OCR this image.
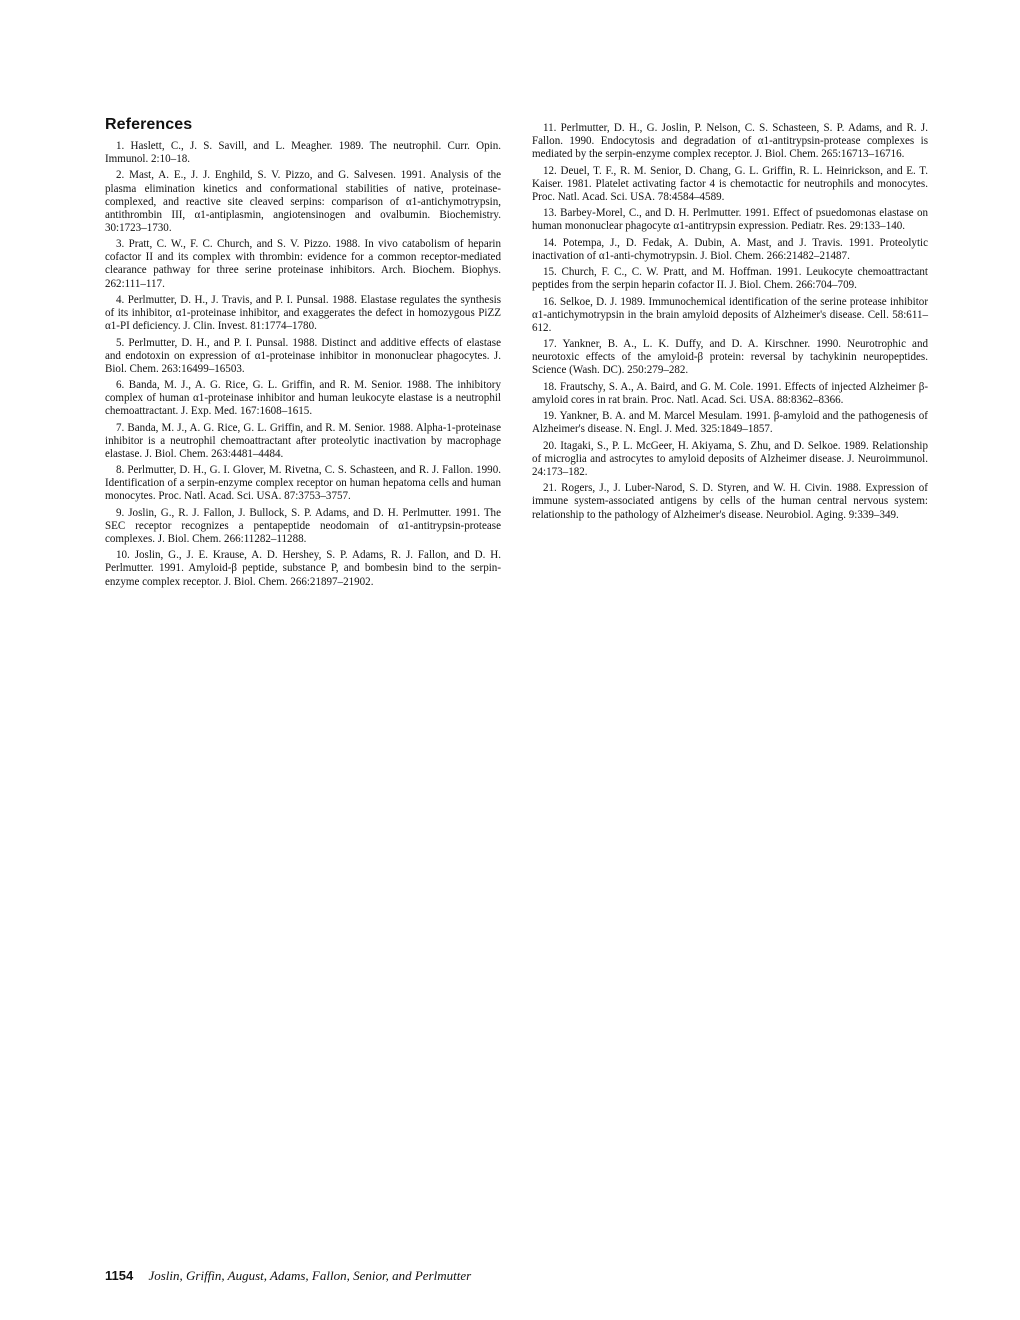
References

1. Haslett, C., J. S. Savill, and L. Meagher. 1989. The neutrophil. Curr. Opin. Immunol. 2:10–18.

2. Mast, A. E., J. J. Enghild, S. V. Pizzo, and G. Salvesen. 1991. Analysis of the plasma elimination kinetics and conformational stabilities of native, proteinase-complexed, and reactive site cleaved serpins: comparison of α1-antichymotrypsin, antithrombin III, α1-antiplasmin, angiotensinogen and ovalbumin. Biochemistry. 30:1723–1730.

3. Pratt, C. W., F. C. Church, and S. V. Pizzo. 1988. In vivo catabolism of heparin cofactor II and its complex with thrombin: evidence for a common receptor-mediated clearance pathway for three serine proteinase inhibitors. Arch. Biochem. Biophys. 262:111–117.

4. Perlmutter, D. H., J. Travis, and P. I. Punsal. 1988. Elastase regulates the synthesis of its inhibitor, α1-proteinase inhibitor, and exaggerates the defect in homozygous PiZZ α1-PI deficiency. J. Clin. Invest. 81:1774–1780.

5. Perlmutter, D. H., and P. I. Punsal. 1988. Distinct and additive effects of elastase and endotoxin on expression of α1-proteinase inhibitor in mononuclear phagocytes. J. Biol. Chem. 263:16499–16503.

6. Banda, M. J., A. G. Rice, G. L. Griffin, and R. M. Senior. 1988. The inhibitory complex of human α1-proteinase inhibitor and human leukocyte elastase is a neutrophil chemoattractant. J. Exp. Med. 167:1608–1615.

7. Banda, M. J., A. G. Rice, G. L. Griffin, and R. M. Senior. 1988. Alpha-1-proteinase inhibitor is a neutrophil chemoattractant after proteolytic inactivation by macrophage elastase. J. Biol. Chem. 263:4481–4484.

8. Perlmutter, D. H., G. I. Glover, M. Rivetna, C. S. Schasteen, and R. J. Fallon. 1990. Identification of a serpin-enzyme complex receptor on human hepatoma cells and human monocytes. Proc. Natl. Acad. Sci. USA. 87:3753–3757.

9. Joslin, G., R. J. Fallon, J. Bullock, S. P. Adams, and D. H. Perlmutter. 1991. The SEC receptor recognizes a pentapeptide neodomain of α1-antitrypsin-protease complexes. J. Biol. Chem. 266:11282–11288.

10. Joslin, G., J. E. Krause, A. D. Hershey, S. P. Adams, R. J. Fallon, and D. H. Perlmutter. 1991. Amyloid-β peptide, substance P, and bombesin bind to the serpin-enzyme complex receptor. J. Biol. Chem. 266:21897–21902.

11. Perlmutter, D. H., G. Joslin, P. Nelson, C. S. Schasteen, S. P. Adams, and R. J. Fallon. 1990. Endocytosis and degradation of α1-antitrypsin-protease complexes is mediated by the serpin-enzyme complex receptor. J. Biol. Chem. 265:16713–16716.

12. Deuel, T. F., R. M. Senior, D. Chang, G. L. Griffin, R. L. Heinrickson, and E. T. Kaiser. 1981. Platelet activating factor 4 is chemotactic for neutrophils and monocytes. Proc. Natl. Acad. Sci. USA. 78:4584–4589.

13. Barbey-Morel, C., and D. H. Perlmutter. 1991. Effect of psuedomonas elastase on human mononuclear phagocyte α1-antitrypsin expression. Pediatr. Res. 29:133–140.

14. Potempa, J., D. Fedak, A. Dubin, A. Mast, and J. Travis. 1991. Proteolytic inactivation of α1-anti-chymotrypsin. J. Biol. Chem. 266:21482–21487.

15. Church, F. C., C. W. Pratt, and M. Hoffman. 1991. Leukocyte chemoattractant peptides from the serpin heparin cofactor II. J. Biol. Chem. 266:704–709.

16. Selkoe, D. J. 1989. Immunochemical identification of the serine protease inhibitor α1-antichymotrypsin in the brain amyloid deposits of Alzheimer's disease. Cell. 58:611–612.

17. Yankner, B. A., L. K. Duffy, and D. A. Kirschner. 1990. Neurotrophic and neurotoxic effects of the amyloid-β protein: reversal by tachykinin neuropeptides. Science (Wash. DC). 250:279–282.

18. Frautschy, S. A., A. Baird, and G. M. Cole. 1991. Effects of injected Alzheimer β-amyloid cores in rat brain. Proc. Natl. Acad. Sci. USA. 88:8362–8366.

19. Yankner, B. A. and M. Marcel Mesulam. 1991. β-amyloid and the pathogenesis of Alzheimer's disease. N. Engl. J. Med. 325:1849–1857.

20. Itagaki, S., P. L. McGeer, H. Akiyama, S. Zhu, and D. Selkoe. 1989. Relationship of microglia and astrocytes to amyloid deposits of Alzheimer disease. J. Neuroimmunol. 24:173–182.

21. Rogers, J., J. Luber-Narod, S. D. Styren, and W. H. Civin. 1988. Expression of immune system-associated antigens by cells of the human central nervous system: relationship to the pathology of Alzheimer's disease. Neurobiol. Aging. 9:339–349.

1154 Joslin, Griffin, August, Adams, Fallon, Senior, and Perlmutter
